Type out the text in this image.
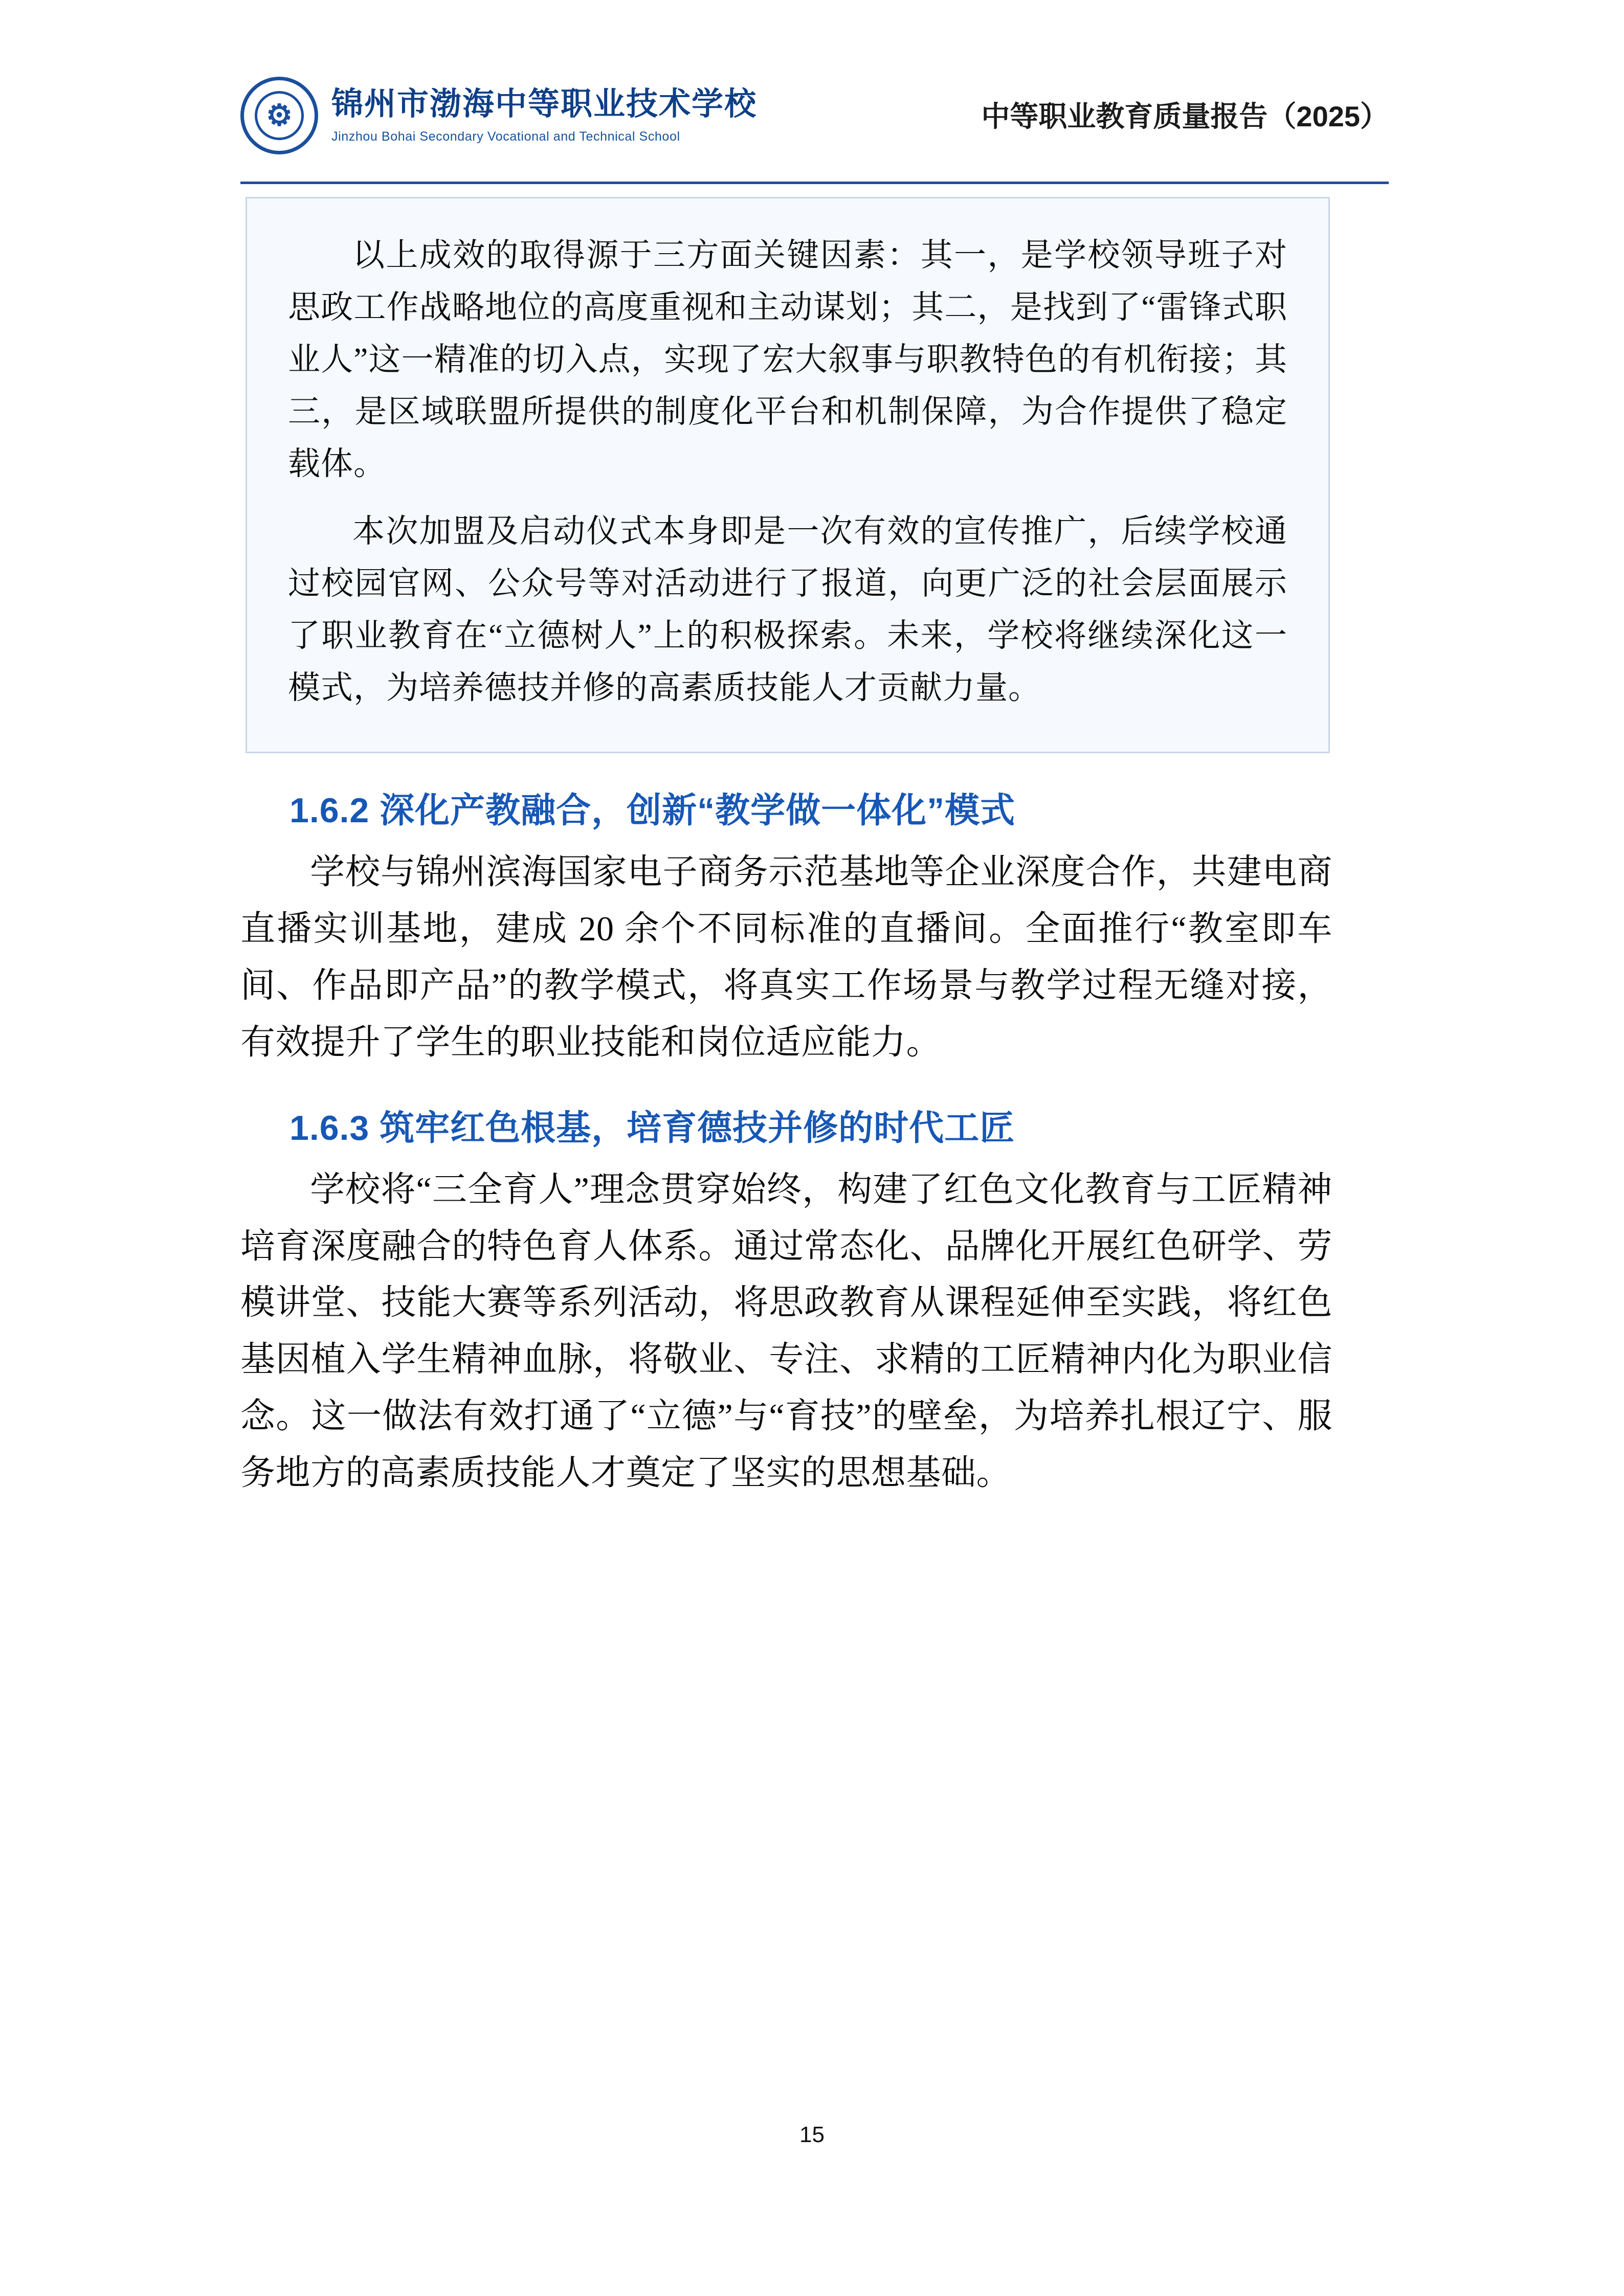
⚙ 锦州市渤海中等职业技术学校
Jinzhou Bohai Secondary Vocational and Technical School
中等职业教育质量报告（2025）

以上成效的取得源于三方面关键因素：其一，是学校领导班子对思政工作战略地位的高度重视和主动谋划；其二，是找到了“雷锋式职业人”这一精准的切入点，实现了宏大叙事与职教特色的有机衔接；其三，是区域联盟所提供的制度化平台和机制保障，为合作提供了稳定载体。

本次加盟及启动仪式本身即是一次有效的宣传推广，后续学校通过校园官网、公众号等对活动进行了报道，向更广泛的社会层面展示了职业教育在“立德树人”上的积极探索。未来，学校将继续深化这一模式，为培养德技并修的高素质技能人才贡献力量。

1.6.2 深化产教融合，创新“教学做一体化”模式

学校与锦州滨海国家电子商务示范基地等企业深度合作，共建电商直播实训基地，建成 20 余个不同标准的直播间。全面推行“教室即车间、作品即产品”的教学模式，将真实工作场景与教学过程无缝对接，有效提升了学生的职业技能和岗位适应能力。

1.6.3 筑牢红色根基，培育德技并修的时代工匠

学校将“三全育人”理念贯穿始终，构建了红色文化教育与工匠精神培育深度融合的特色育人体系。通过常态化、品牌化开展红色研学、劳模讲堂、技能大赛等系列活动，将思政教育从课程延伸至实践，将红色基因植入学生精神血脉，将敬业、专注、求精的工匠精神内化为职业信念。这一做法有效打通了“立德”与“育技”的壁垒，为培养扎根辽宁、服务地方的高素质技能人才奠定了坚实的思想基础。

15
